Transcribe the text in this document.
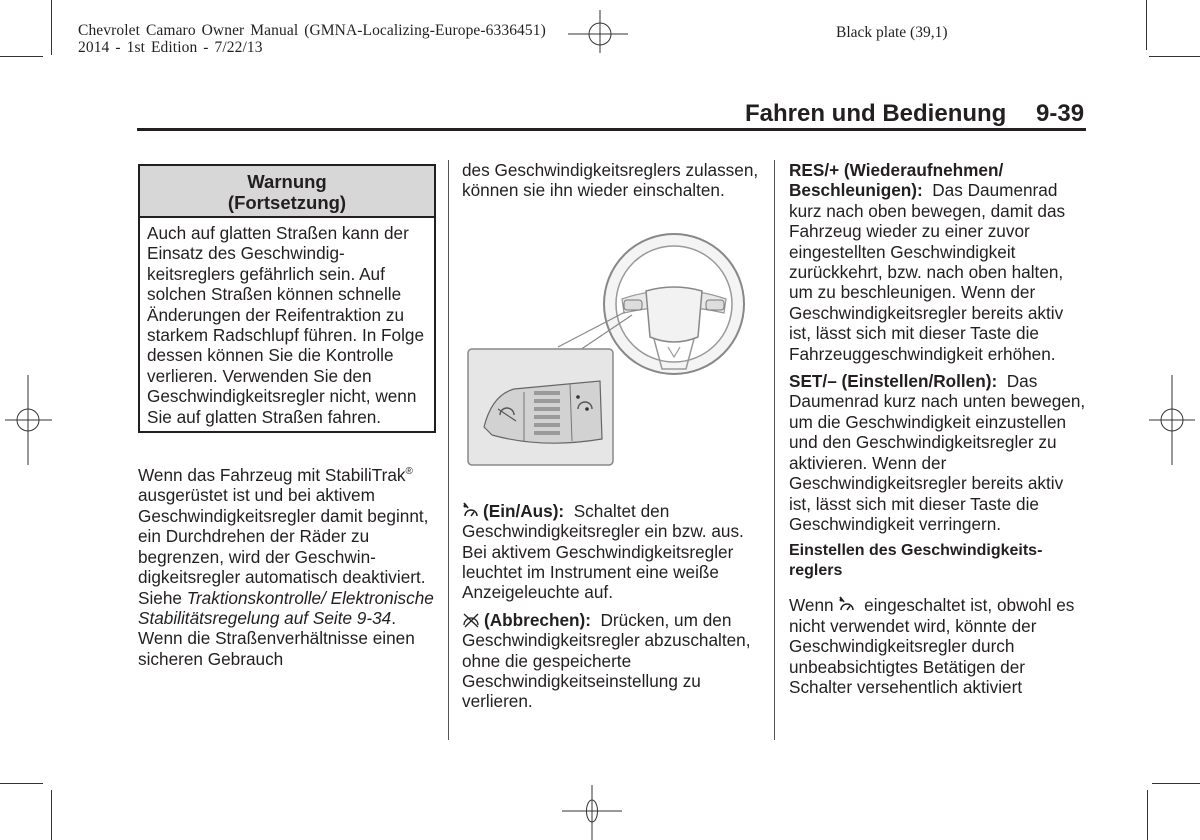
Chevrolet Camaro Owner Manual (GMNA-Localizing-Europe-6336451)
2014 - 1st Edition - 7/22/13
Black plate (39,1)
Fahren und Bedienung 9-39
Warnung
(Fortsetzung)
Auch auf glatten Straßen kann der Einsatz des Geschwindigkeitsreglers gefährlich sein. Auf solchen Straßen können schnelle Änderungen der Reifentraktion zu starkem Radschlupf führen. In Folge dessen können Sie die Kontrolle verlieren. Verwenden Sie den Geschwindigkeitsregler nicht, wenn Sie auf glatten Straßen fahren.

Wenn das Fahrzeug mit StabiliTrak® ausgerüstet ist und bei aktivem Geschwindigkeitsregler damit beginnt, ein Durchdrehen der Räder zu begrenzen, wird der Geschwindigkeitsregler automatisch deaktiviert. Siehe Traktionskontrolle/ Elektronische Stabilitätsregelung auf Seite 9-34. Wenn die Straßenverhältnisse einen sicheren Gebrauch

des Geschwindigkeitsreglers zulassen, können sie ihn wieder einschalten.

(Ein/Aus):  Schaltet den Geschwindigkeitsregler ein bzw. aus. Bei aktivem Geschwindigkeitsregler leuchtet im Instrument eine weiße Anzeigeleuchte auf.

(Abbrechen):  Drücken, um den Geschwindigkeitsregler abzuschalten, ohne die gespeicherte Geschwindigkeitseinstellung zu verlieren.

RES/+ (Wiederaufnehmen/ Beschleunigen):  Das Daumenrad kurz nach oben bewegen, damit das Fahrzeug wieder zu einer zuvor eingestellten Geschwindigkeit zurückkehrt, bzw. nach oben halten, um zu beschleunigen. Wenn der Geschwindigkeitsregler bereits aktiv ist, lässt sich mit dieser Taste die Fahrzeuggeschwindigkeit erhöhen.

SET/– (Einstellen/Rollen):  Das Daumenrad kurz nach unten bewegen, um die Geschwindigkeit einzustellen und den Geschwindigkeitsregler zu aktivieren. Wenn der Geschwindigkeitsregler bereits aktiv ist, lässt sich mit dieser Taste die Geschwindigkeit verringern.

Einstellen des Geschwindigkeitsreglers

Wenn  eingeschaltet ist, obwohl es nicht verwendet wird, könnte der Geschwindigkeitsregler durch unbeabsichtigtes Betätigen der Schalter versehentlich aktiviert
